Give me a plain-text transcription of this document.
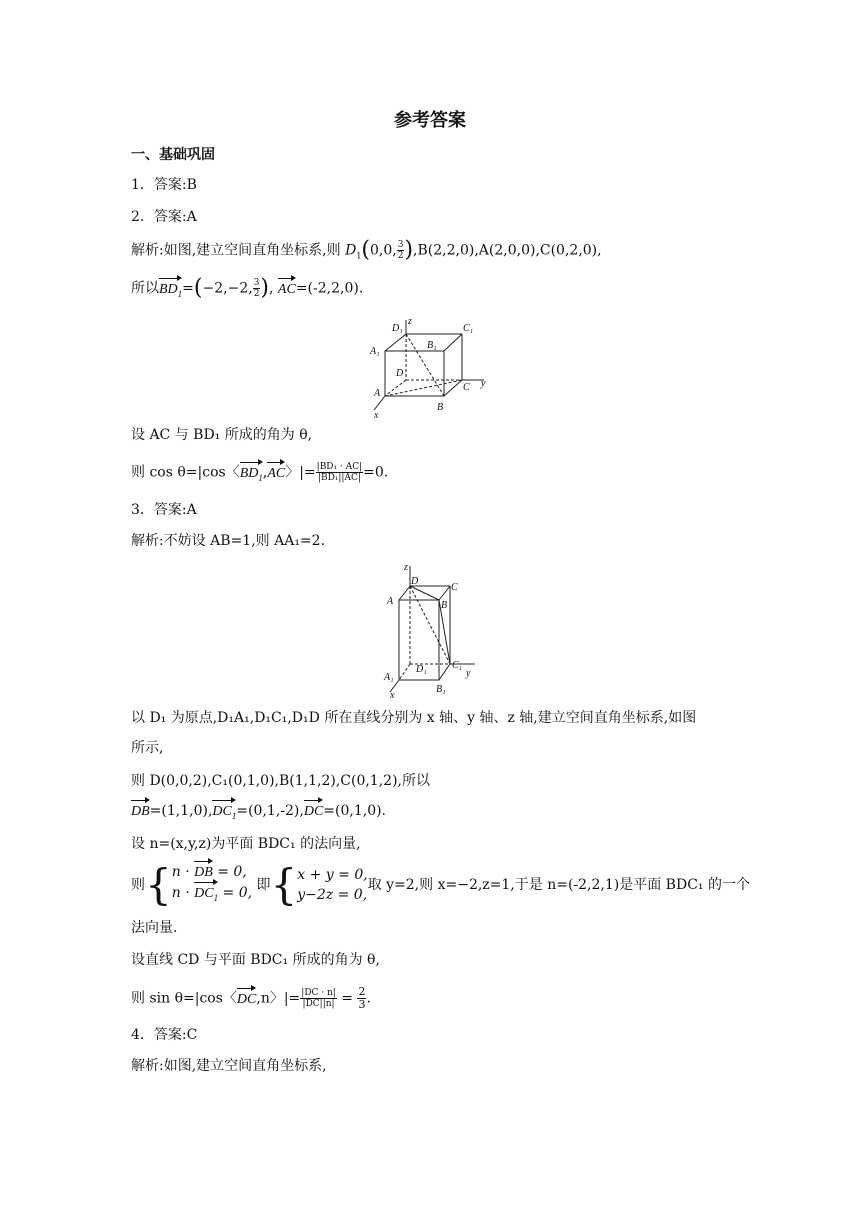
参考答案
一、基础巩固
1．答案:B
2．答案:A
解析:如图,建立空间直角坐标系,则 $D_1(0,0$, $\frac{3}{2} ),B(2,2,0),A(2,0,0),C(0,2,0)$,
所以$BD_1=(-2,-2$, $\frac{3}{2}$ ), AC=(-2,2,0).
D₁
z
C₁
A₁
B₁
D
A
C y
B
x
设 AC 与 BD₁ 所成的角为 θ,
则 cos θ=|cos〈$BD_1,AC$〉|= $\frac{\text{|BD₁ · AC|}}{\text{|BD₁||AC|}} =0$.
3．答案:A
解析:不妨设 AB=1,则 AA₁=2.
z
D
C
A	B
D₁	C₁
A₁
B₁
y
x
以 D₁ 为原点,D₁A₁,D₁C₁,D₁D 所在直线分别为 x 轴、y 轴、z 轴,建立空间直角坐标系,如图
所示,
则 D(0,0,2),C₁(0,1,0),B(1,1,2),C(0,1,2),所以
$DB=(1,1,0),DC_1=(0,1,-2),DC=(0,1,0)$.
设 n=(x,y,z)为平面 BDC₁ 的法向量,
则{n · DB = 0,
$n \cdot DC_1 = 0$, 即{x + y = 0,
y−2z = 0,取 y=2,则 x=−2,z=1,于是 n=(-2,2,1)是平面 BDC₁ 的一个
法向量.
设直线 CD 与平面 BDC₁ 所成的角为 θ,
则 sin θ=|cos〈DC,n〉|= $\frac{|DC \cdot n|}{|DC||n|} = \frac{2}{3}$ .
4．答案:C
解析:如图,建立空间直角坐标系,
